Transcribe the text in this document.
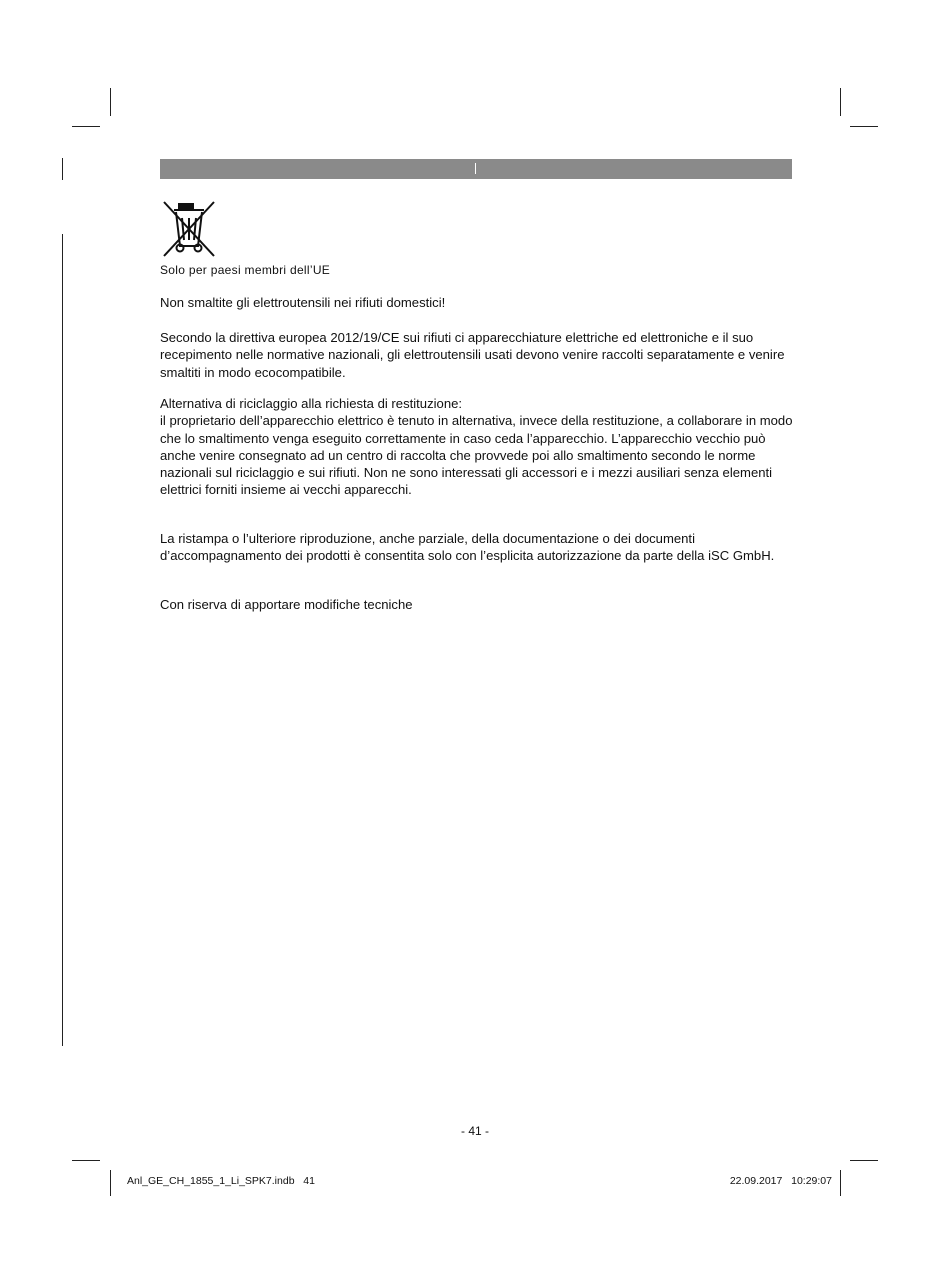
Solo per paesi membri dell’UE

Non smaltite gli elettroutensili nei rifiuti domestici!

Secondo la direttiva europea 2012/19/CE sui rifiuti ci apparecchiature elettriche ed elettroniche e il suo recepimento nelle normative nazionali, gli elettroutensili usati devono venire raccolti separatamente e venire smaltiti in modo ecocompatibile.

Alternativa di riciclaggio alla richiesta di restituzione:
il proprietario dell’apparecchio elettrico è tenuto in alternativa, invece della restituzione, a collaborare in modo che lo smaltimento venga eseguito correttamente in caso ceda l’apparecchio. L’apparecchio vecchio può anche venire consegnato ad un centro di raccolta che provvede poi allo smaltimento secondo le norme nazionali sul riciclaggio e sui rifiuti. Non ne sono interessati gli accessori e i mezzi ausiliari senza elementi elettrici forniti insieme ai vecchi apparecchi.

La ristampa o l’ulteriore riproduzione, anche parziale, della documentazione o dei documenti d’accompagnamento dei prodotti è consentita solo con l’esplicita autorizzazione da parte della iSC GmbH.

Con riserva di apportare modifiche tecniche

- 41 -
Anl_GE_CH_1855_1_Li_SPK7.indb   41	22.09.2017   10:29:07
